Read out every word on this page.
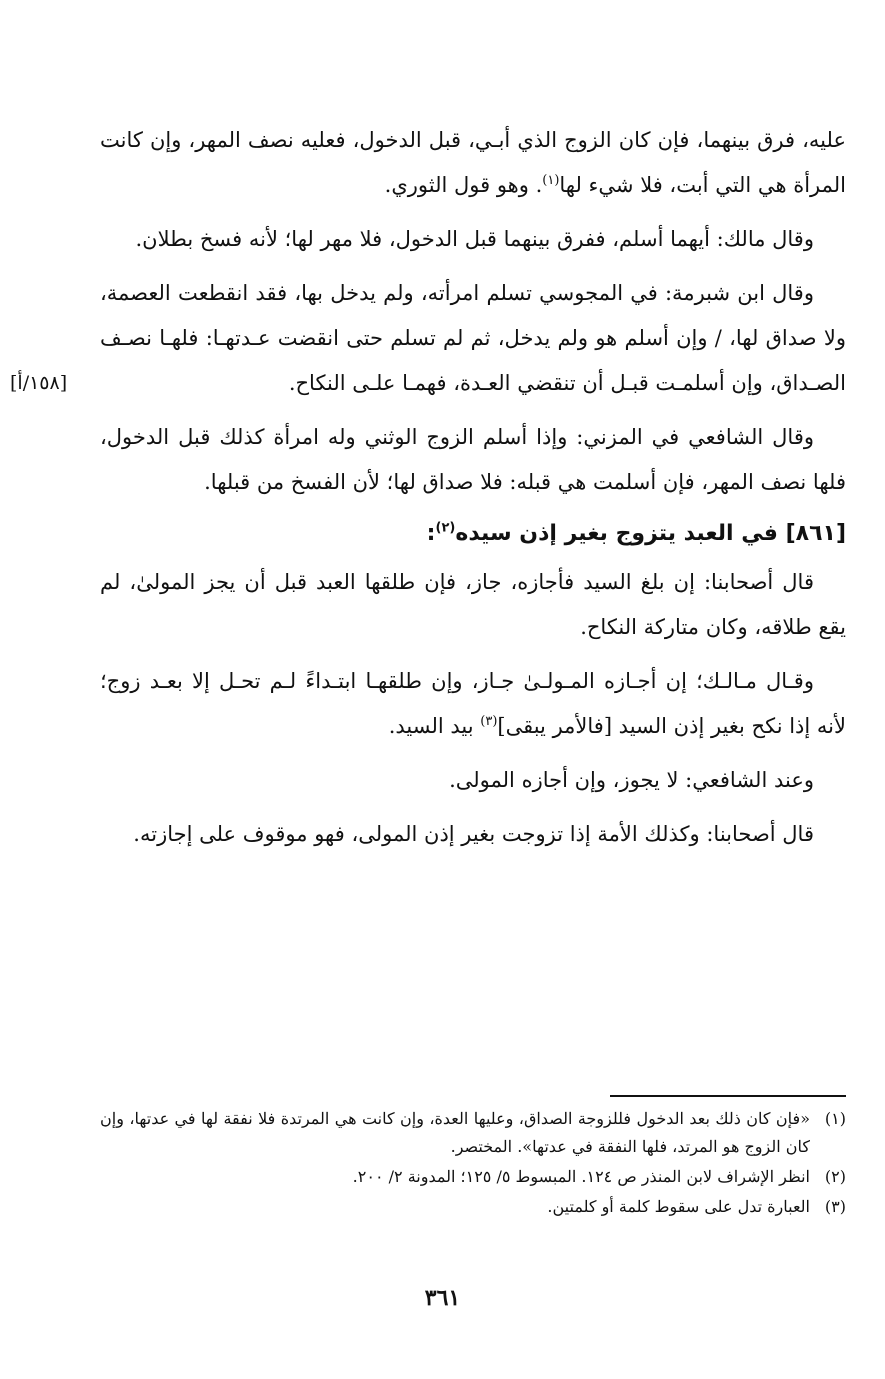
[١٥٨/أ]

عليه، فرق بينهما، فإن كان الزوج الذي أبـي، قبل الدخول، فعليه نصف المهر، وإن كانت المرأة هي التي أبت، فلا شيء لها$^{(١)}$. وهو قول الثوري.

وقال مالك: أيهما أسلم، ففرق بينهما قبل الدخول، فلا مهر لها؛ لأنه فسخ بطلان.

وقال ابن شبرمة: في المجوسي تسلم امرأته، ولم يدخل بها، فقد انقطعت العصمة، ولا صداق لها، / وإن أسلم هو ولم يدخل، ثم لم تسلم حتى انقضت عـدتهـا: فلهـا نصـف الصـداق، وإن أسلمـت قبـل أن تنقضي العـدة، فهمـا علـى النكاح.

وقال الشافعي في المزني: وإذا أسلم الزوج الوثني وله امرأة كذلك قبل الدخول، فلها نصف المهر، فإن أسلمت هي قبله: فلا صداق لها؛ لأن الفسخ من قبلها.

[٨٦١] في العبد يتزوج بغير إذن سيده$^{(٢)}$:

قال أصحابنا: إن بلغ السيد فأجازه، جاز، فإن طلقها العبد قبل أن يجز المولىٰ، لم يقع طلاقه، وكان متاركة النكاح.

وقـال مـالـك؛ إن أجـازه المـولـىٰ جـاز، وإن طلقهـا ابتـداءً لـم تحـل إلا بعـد زوج؛ لأنه إذا نكح بغير إذن السيد [فالأمر يبقى]$^{(٣)}$ بيد السيد.

وعند الشافعي: لا يجوز، وإن أجازه المولى.

قال أصحابنا: وكذلك الأمة إذا تزوجت بغير إذن المولى، فهو موقوف على إجازته.

(١)
«فإن كان ذلك بعد الدخول فللزوجة الصداق، وعليها العدة، وإن كانت هي المرتدة فلا نفقة لها في عدتها، وإن كان الزوج هو المرتد، فلها النفقة في عدتها». المختصر.
(٢)
انظر الإشراف لابن المنذر ص ١٢٤. المبسوط ٥/ ١٢٥؛ المدونة ٢/ ٢٠٠.
(٣)
العبارة تدل على سقوط كلمة أو كلمتين.
٣٦١
